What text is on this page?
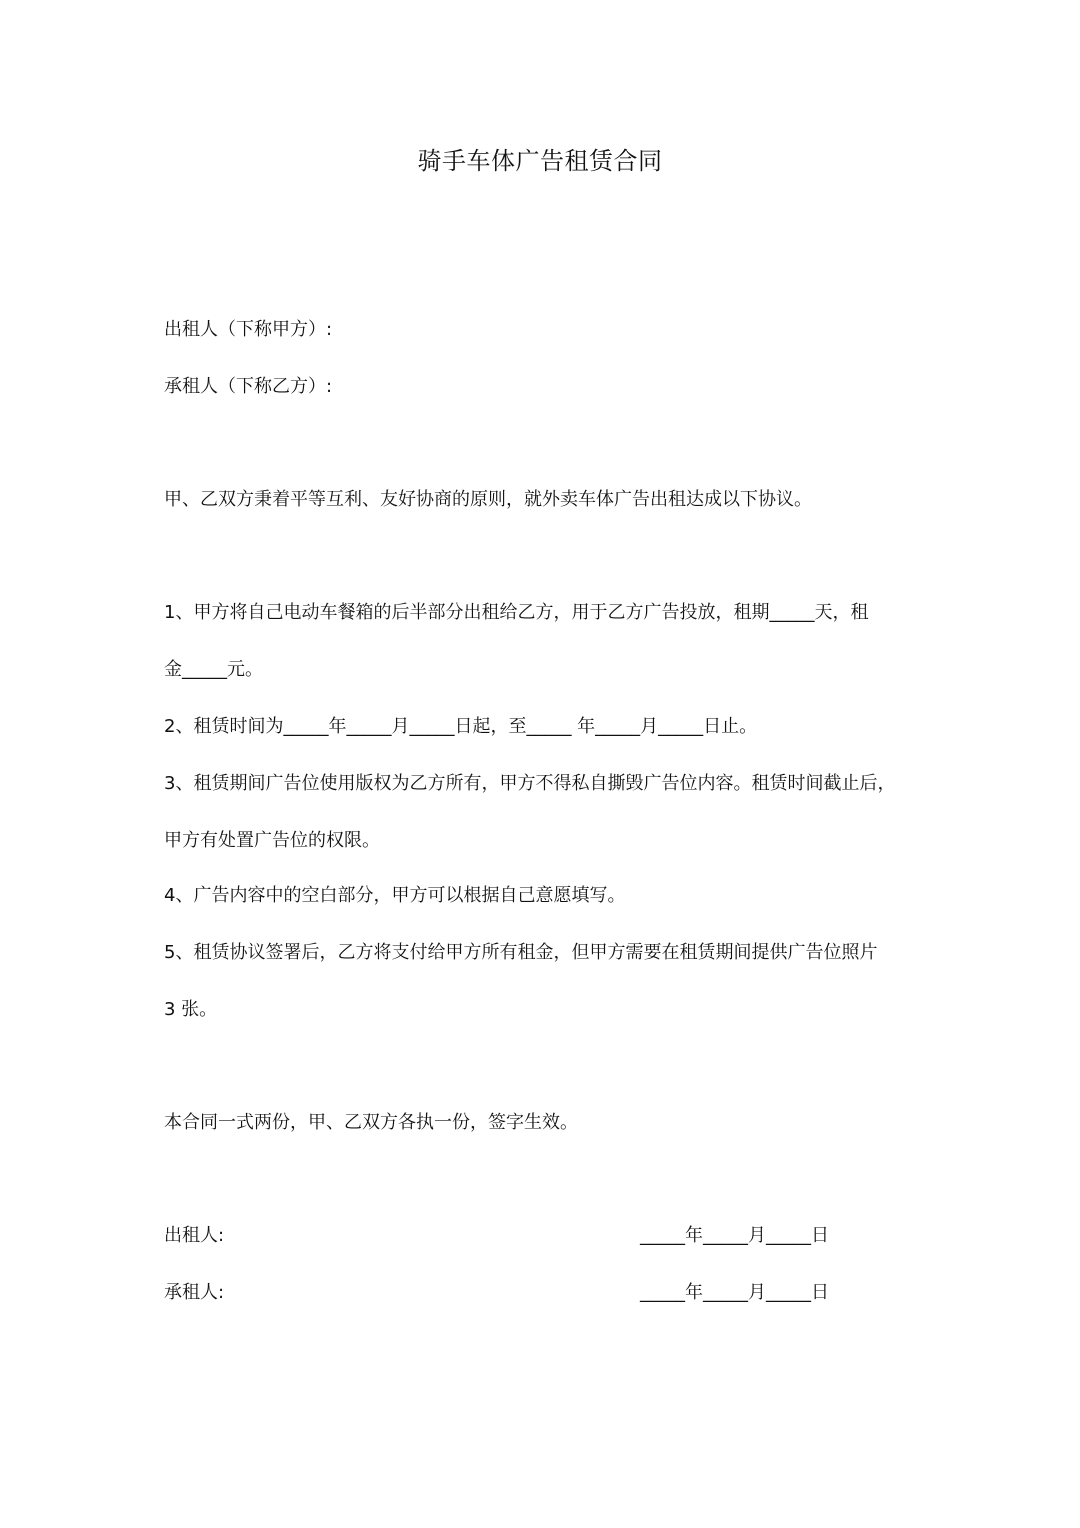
骑手车体广告租赁合同
出租人（下称甲方）:
承租人（下称乙方）:
甲、乙双方秉着平等互利、友好协商的原则，就外卖车体广告出租达成以下协议。
1、甲方将自己电动车餐箱的后半部分出租给乙方，用于乙方广告投放，租期_____天，租
金_____元。
2、租赁时间为_____年_____月_____日起，至_____ 年_____月_____日止。
3、租赁期间广告位使用版权为乙方所有，甲方不得私自撕毁广告位内容。租赁时间截止后，
甲方有处置广告位的权限。
4、广告内容中的空白部分，甲方可以根据自己意愿填写。
5、租赁协议签署后，乙方将支付给甲方所有租金，但甲方需要在租赁期间提供广告位照片
3 张。
本合同一式两份，甲、乙双方各执一份，签字生效。
出租人:	_____年_____月_____日
承租人:	_____年_____月_____日
